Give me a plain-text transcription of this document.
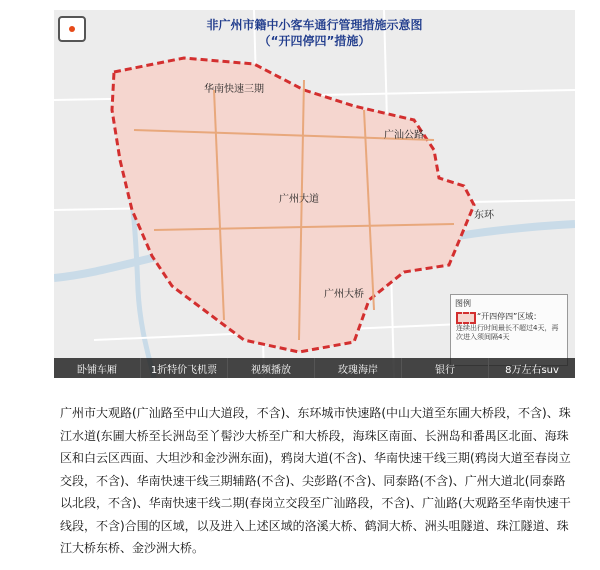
非广州市籍中小客车通行管理措施示意图
（“开四停四”措施）
华南快速三期
广汕公路
东环
广州大道
广州大桥
图例
“开四停四”区域：
连续出行时间最长不超过4天，再次进入须间隔4天
卧铺车厢	1折特价飞机票	视频播放	玫瑰海岸	银行	8万左右suv

广州市大观路(广汕路至中山大道段，不含)、东环城市快速路(中山大道至东圃大桥段，不含)、珠江水道(东圃大桥至长洲岛至丫髻沙大桥至广和大桥段，海珠区南面、长洲岛和番禺区北面、海珠区和白云区西面、大坦沙和金沙洲东面)，鸦岗大道(不含)、华南快速干线三期(鸦岗大道至春岗立交段，不含)、华南快速干线三期辅路(不含)、尖彭路(不含)、同泰路(不含)、广州大道北(同泰路以北段，不含)、华南快速干线二期(春岗立交段至广汕路段，不含)、广汕路(大观路至华南快速干线段，不含)合围的区域，以及进入上述区域的洛溪大桥、鹤洞大桥、洲头咀隧道、珠江隧道、珠江大桥东桥、金沙洲大桥。
